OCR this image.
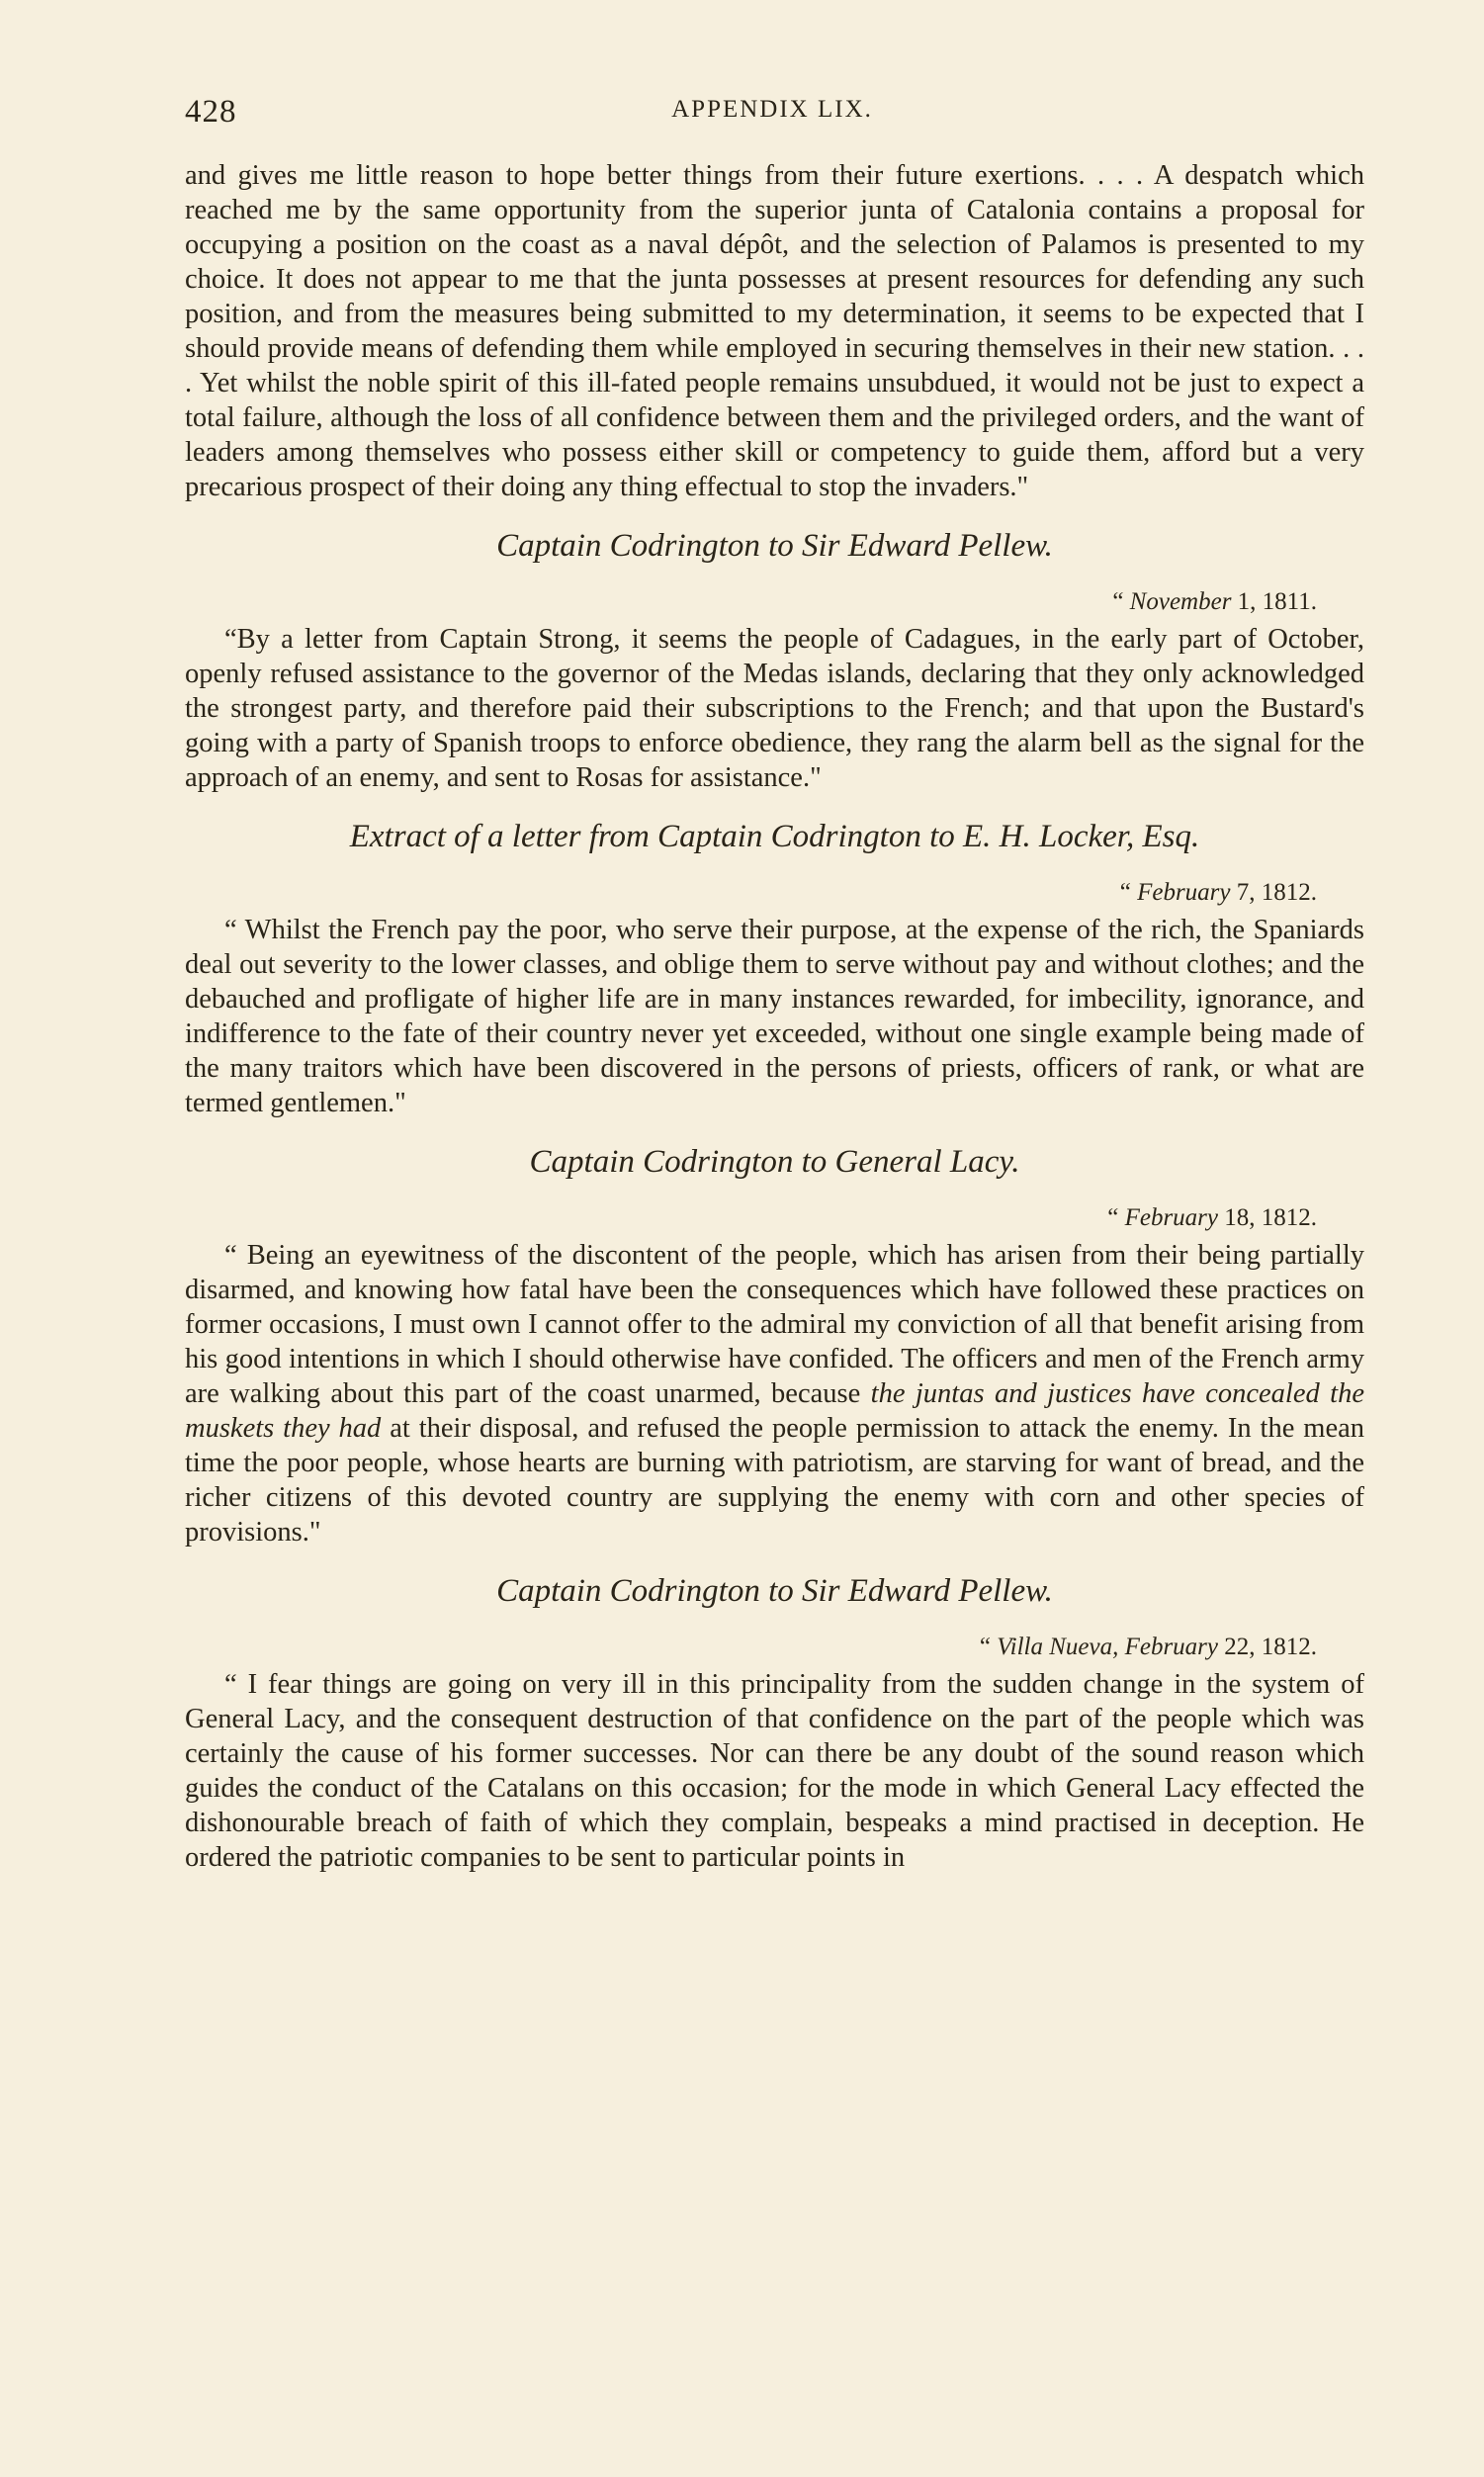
428	APPENDIX LIX.

and gives me little reason to hope better things from their future exertions. . . . A despatch which reached me by the same opportunity from the superior junta of Catalonia contains a proposal for occupying a position on the coast as a naval dépôt, and the selection of Palamos is presented to my choice. It does not appear to me that the junta possesses at present resources for defending any such position, and from the measures being submitted to my determination, it seems to be expected that I should provide means of defending them while employed in securing themselves in their new station. . . . Yet whilst the noble spirit of this ill-fated people remains unsubdued, it would not be just to expect a total failure, although the loss of all confidence between them and the privileged orders, and the want of leaders among themselves who possess either skill or competency to guide them, afford but a very precarious prospect of their doing any thing effectual to stop the invaders."

Captain Codrington to Sir Edward Pellew.
“ November 1, 1811.

“By a letter from Captain Strong, it seems the people of Cadagues, in the early part of October, openly refused assistance to the governor of the Medas islands, declaring that they only acknowledged the strongest party, and therefore paid their subscriptions to the French; and that upon the Bustard's going with a party of Spanish troops to enforce obedience, they rang the alarm bell as the signal for the approach of an enemy, and sent to Rosas for assistance."

Extract of a letter from Captain Codrington to E. H. Locker, Esq.
“ February 7, 1812.

“ Whilst the French pay the poor, who serve their purpose, at the expense of the rich, the Spaniards deal out severity to the lower classes, and oblige them to serve without pay and without clothes; and the debauched and profligate of higher life are in many instances rewarded, for imbecility, ignorance, and indifference to the fate of their country never yet exceeded, without one single example being made of the many traitors which have been discovered in the persons of priests, officers of rank, or what are termed gentlemen."

Captain Codrington to General Lacy.
“ February 18, 1812.

“ Being an eyewitness of the discontent of the people, which has arisen from their being partially disarmed, and knowing how fatal have been the consequences which have followed these practices on former occasions, I must own I cannot offer to the admiral my conviction of all that benefit arising from his good intentions in which I should otherwise have confided. The officers and men of the French army are walking about this part of the coast unarmed, because the juntas and justices have concealed the muskets they had at their disposal, and refused the people permission to attack the enemy. In the mean time the poor people, whose hearts are burning with patriotism, are starving for want of bread, and the richer citizens of this devoted country are supplying the enemy with corn and other species of provisions."

Captain Codrington to Sir Edward Pellew.
“ Villa Nueva, February 22, 1812.

“ I fear things are going on very ill in this principality from the sudden change in the system of General Lacy, and the consequent destruction of that confidence on the part of the people which was certainly the cause of his former successes. Nor can there be any doubt of the sound reason which guides the conduct of the Catalans on this occasion; for the mode in which General Lacy effected the dishonourable breach of faith of which they complain, bespeaks a mind practised in deception. He ordered the patriotic companies to be sent to particular points in
